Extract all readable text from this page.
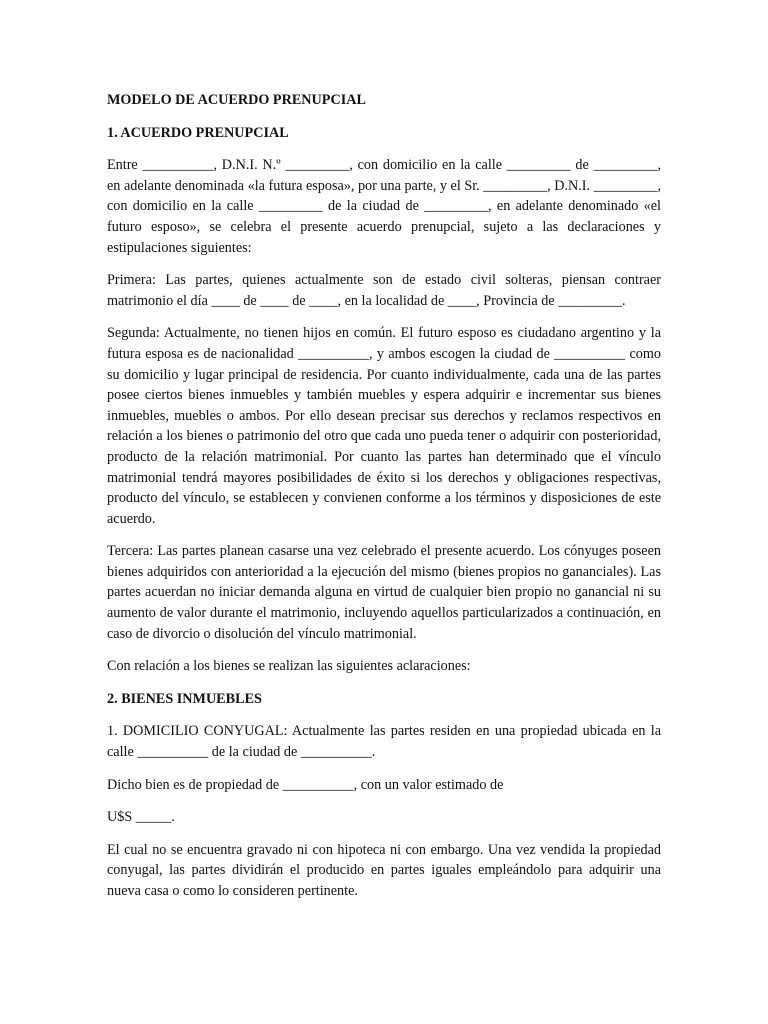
MODELO DE ACUERDO PRENUPCIAL
1. ACUERDO PRENUPCIAL

Entre __________, D.N.I. N.º _________, con domicilio en la calle _________ de _________, en adelante denominada «la futura esposa», por una parte, y el Sr. _________, D.N.I. _________, con domicilio en la calle _________ de la ciudad de _________, en adelante denominado «el futuro esposo», se celebra el presente acuerdo prenupcial, sujeto a las declaraciones y estipulaciones siguientes:

Primera: Las partes, quienes actualmente son de estado civil solteras, piensan contraer matrimonio el día ____ de ____ de ____, en la localidad de ____, Provincia de _________.

Segunda: Actualmente, no tienen hijos en común. El futuro esposo es ciudadano argentino y la futura esposa es de nacionalidad __________, y ambos escogen la ciudad de __________ como su domicilio y lugar principal de residencia. Por cuanto individualmente, cada una de las partes posee ciertos bienes inmuebles y también muebles y espera adquirir e incrementar sus bienes inmuebles, muebles o ambos. Por ello desean precisar sus derechos y reclamos respectivos en relación a los bienes o patrimonio del otro que cada uno pueda tener o adquirir con posterioridad, producto de la relación matrimonial. Por cuanto las partes han determinado que el vínculo matrimonial tendrá mayores posibilidades de éxito si los derechos y obligaciones respectivas, producto del vínculo, se establecen y convienen conforme a los términos y disposiciones de este acuerdo.

Tercera: Las partes planean casarse una vez celebrado el presente acuerdo. Los cónyuges poseen bienes adquiridos con anterioridad a la ejecución del mismo (bienes propios no gananciales). Las partes acuerdan no iniciar demanda alguna en virtud de cualquier bien propio no ganancial ni su aumento de valor durante el matrimonio, incluyendo aquellos particularizados a continuación, en caso de divorcio o disolución del vínculo matrimonial.

Con relación a los bienes se realizan las siguientes aclaraciones:

2. BIENES INMUEBLES

1. DOMICILIO CONYUGAL: Actualmente las partes residen en una propiedad ubicada en la calle __________ de la ciudad de __________.

Dicho bien es de propiedad de __________, con un valor estimado de

U$S _____.

El cual no se encuentra gravado ni con hipoteca ni con embargo. Una vez vendida la propiedad conyugal, las partes dividirán el producido en partes iguales empleándolo para adquirir una nueva casa o como lo consideren pertinente.
